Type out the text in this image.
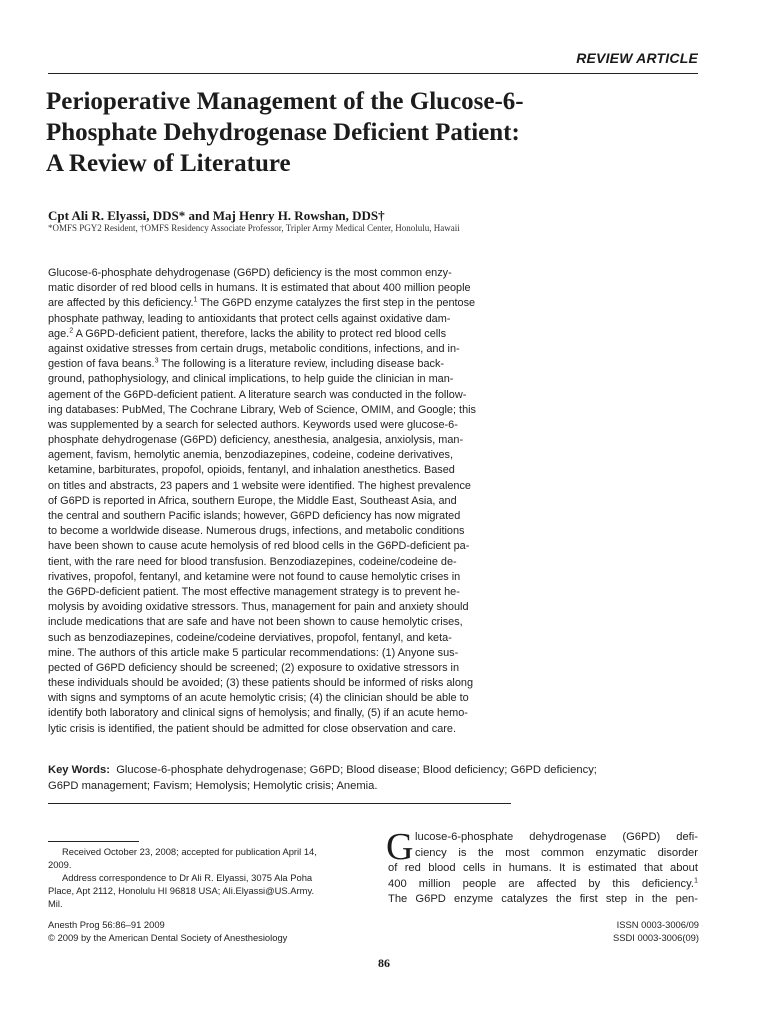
REVIEW ARTICLE
Perioperative Management of the Glucose-6-
Phosphate Dehydrogenase Deficient Patient:
A Review of Literature
Cpt Ali R. Elyassi, DDS* and Maj Henry H. Rowshan, DDS†
*OMFS PGY2 Resident, †OMFS Residency Associate Professor, Tripler Army Medical Center, Honolulu, Hawaii
Glucose-6-phosphate dehydrogenase (G6PD) deficiency is the most common enzy-
matic disorder of red blood cells in humans. It is estimated that about 400 million people
are affected by this deficiency.$^1$ The G6PD enzyme catalyzes the first step in the pentose
phosphate pathway, leading to antioxidants that protect cells against oxidative dam-
age.$^2$ A G6PD-deficient patient, therefore, lacks the ability to protect red blood cells
against oxidative stresses from certain drugs, metabolic conditions, infections, and in-
gestion of fava beans.$^3$ The following is a literature review, including disease back-
ground, pathophysiology, and clinical implications, to help guide the clinician in man-
agement of the G6PD-deficient patient. A literature search was conducted in the follow-
ing databases: PubMed, The Cochrane Library, Web of Science, OMIM, and Google; this
was supplemented by a search for selected authors. Keywords used were glucose-6-
phosphate dehydrogenase (G6PD) deficiency, anesthesia, analgesia, anxiolysis, man-
agement, favism, hemolytic anemia, benzodiazepines, codeine, codeine derivatives,
ketamine, barbiturates, propofol, opioids, fentanyl, and inhalation anesthetics. Based
on titles and abstracts, 23 papers and 1 website were identified. The highest prevalence
of G6PD is reported in Africa, southern Europe, the Middle East, Southeast Asia, and
the central and southern Pacific islands; however, G6PD deficiency has now migrated
to become a worldwide disease. Numerous drugs, infections, and metabolic conditions
have been shown to cause acute hemolysis of red blood cells in the G6PD-deficient pa-
tient, with the rare need for blood transfusion. Benzodiazepines, codeine/codeine de-
rivatives, propofol, fentanyl, and ketamine were not found to cause hemolytic crises in
the G6PD-deficient patient. The most effective management strategy is to prevent he-
molysis by avoiding oxidative stressors. Thus, management for pain and anxiety should
include medications that are safe and have not been shown to cause hemolytic crises,
such as benzodiazepines, codeine/codeine derviatives, propofol, fentanyl, and keta-
mine. The authors of this article make 5 particular recommendations: (1) Anyone sus-
pected of G6PD deficiency should be screened; (2) exposure to oxidative stressors in
these individuals should be avoided; (3) these patients should be informed of risks along
with signs and symptoms of an acute hemolytic crisis; (4) the clinician should be able to
identify both laboratory and clinical signs of hemolysis; and finally, (5) if an acute hemo-
lytic crisis is identified, the patient should be admitted for close observation and care.
Key Words: Glucose-6-phosphate dehydrogenase; G6PD; Blood disease; Blood deficiency; G6PD deficiency;
G6PD management; Favism; Hemolysis; Hemolytic crisis; Anemia.
Received October 23, 2008; accepted for publication April 14,
2009.
Address correspondence to Dr Ali R. Elyassi, 3075 Ala Poha
Place, Apt 2112, Honolulu HI 96818 USA; Ali.Elyassi@US.Army.
Mil.
G lucose-6-phosphate dehydrogenase (G6PD) defi-
ciency is the most common enzymatic disorder
of red blood cells in humans. It is estimated that about
400 million people are affected by this deficiency.$^1$
The G6PD enzyme catalyzes the first step in the pen-
Anesth Prog 56:86–91 2009
© 2009 by the American Dental Society of Anesthesiology
ISSN 0003-3006/09
SSDI 0003-3006(09)
86
